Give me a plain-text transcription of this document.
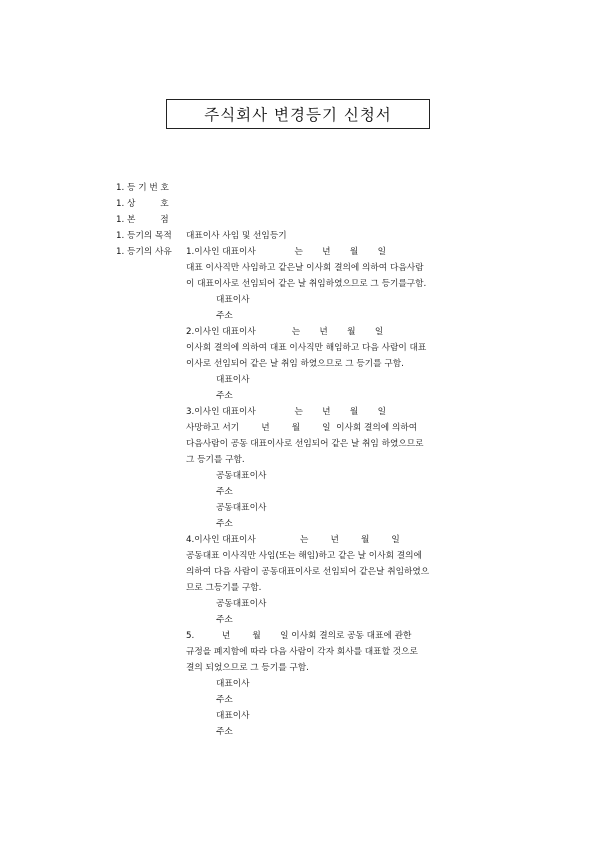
주식회사 변경등기 신청서
1. 등 기 번 호
1. 상         호
1. 본         점
1. 등기의 목적 대표이사 사임 및 선임등기
1. 등기의 사유 1.이사인 대표이사              는       년       월       일
대표 이사직만 사임하고 같은날 이사회 결의에 의하여 다음사람
이 대표이사로 선임되어 같은 날 취임하였으므로 그 등기를구함.
대표이사
주소
2.이사인 대표이사             는       년       월       일
이사회 결의에 의하여 대표 이사직만 해임하고 다음 사람이 대표
이사로 선임되어 같은 날 취임 하였으므로 그 등기를 구함.
대표이사
주소
3.이사인 대표이사              는       년       월       일
사망하고 서기        년        월        일  이사회 결의에 의하여
다음사람이 공동 대표이사로 선임되어 같은 날 취임 하였으므로
그 등기를 구함.
공동대표이사
주소
공동대표이사
주소
4.이사인 대표이사                는        년        월        일
공동대표 이사직만 사임(또는 해임)하고 같은 날 이사회 결의에
의하여 다음 사람이 공동대표이사로 선임되어 같은날 취임하였으
므로 그등기를 구함.
공동대표이사
주소
5.          년        월       일 이사회 결의로 공동 대표에 관한
규정을 폐지함에 따라 다음 사람이 각자 회사를 대표할 것으로
결의 되었으므로 그 등기를 구함.
대표이사
주소
대표이사
주소
